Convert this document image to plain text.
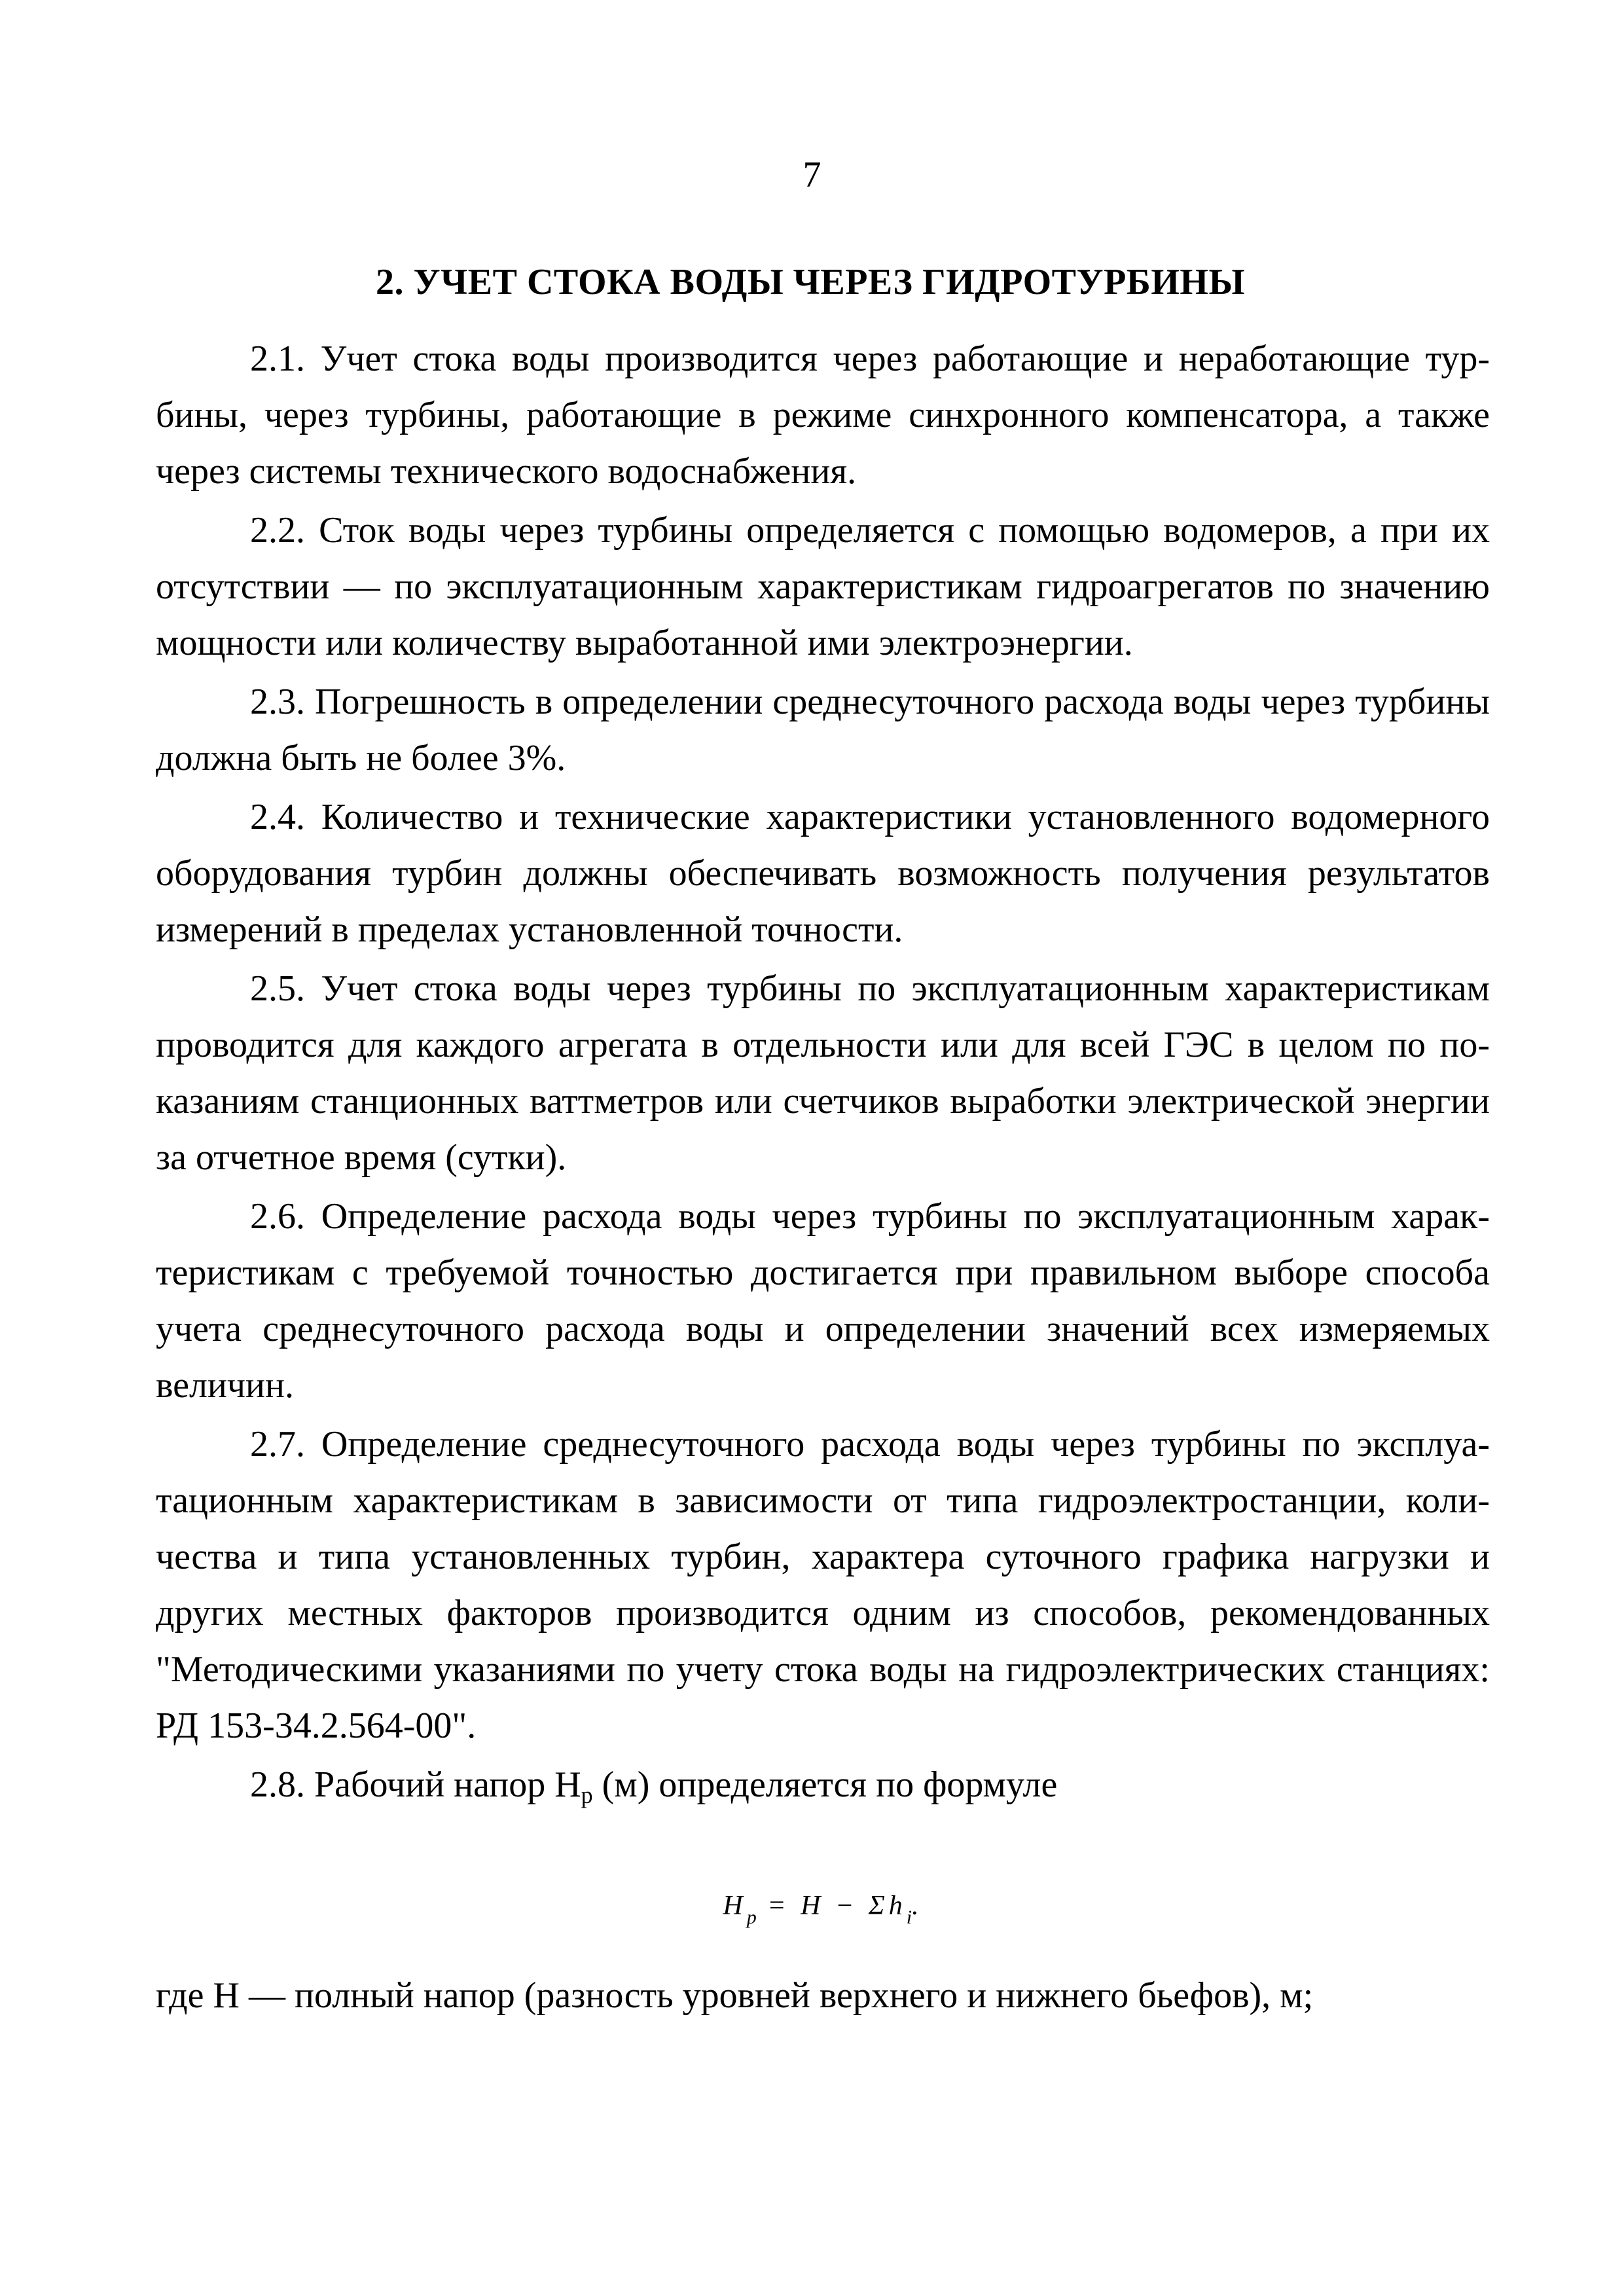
7
2. УЧЕТ СТОКА ВОДЫ ЧЕРЕЗ ГИДРОТУРБИНЫ

2.1. Учет стока воды производится через работающие и неработающие турбины, через турбины, работающие в режиме синхронного компенсатора, а также через системы технического водоснабжения.

2.2. Сток воды через турбины определяется с помощью водомеров, а при их отсутствии — по эксплуатационным характеристикам гидроагрегатов по значению мощности или количеству выработанной ими электроэнергии.

2.3. Погрешность в определении среднесуточного расхода воды через турбины должна быть не более 3%.

2.4. Количество и технические характеристики установленного водомерного оборудования турбин должны обеспечивать возможность получения результатов измерений в пределах установленной точности.

2.5. Учет стока воды через турбины по эксплуатационным характеристикам проводится для каждого агрегата в отдельности или для всей ГЭС в целом по показаниям станционных ваттметров или счетчиков выработки электрической энергии за отчетное время (сутки).

2.6. Определение расхода воды через турбины по эксплуатационным характеристикам с требуемой точностью достигается при правильном выборе способа учета среднесуточного расхода воды и определении значений всех измеряемых величин.

2.7. Определение среднесуточного расхода воды через турбины по эксплуатационным характеристикам в зависимости от типа гидроэлектростанции, количества и типа установленных турбин, характера суточного графика нагрузки и других местных факторов производится одним из способов, рекомендованных "Методическими указаниями по учету стока воды на гидроэлектрических станциях: РД 153-34.2.564-00".

2.8. Рабочий напор Hp (м) определяется по формуле

$H_p = H - \Sigma h_i$.

где H — полный напор (разность уровней верхнего и нижнего бьефов), м;
